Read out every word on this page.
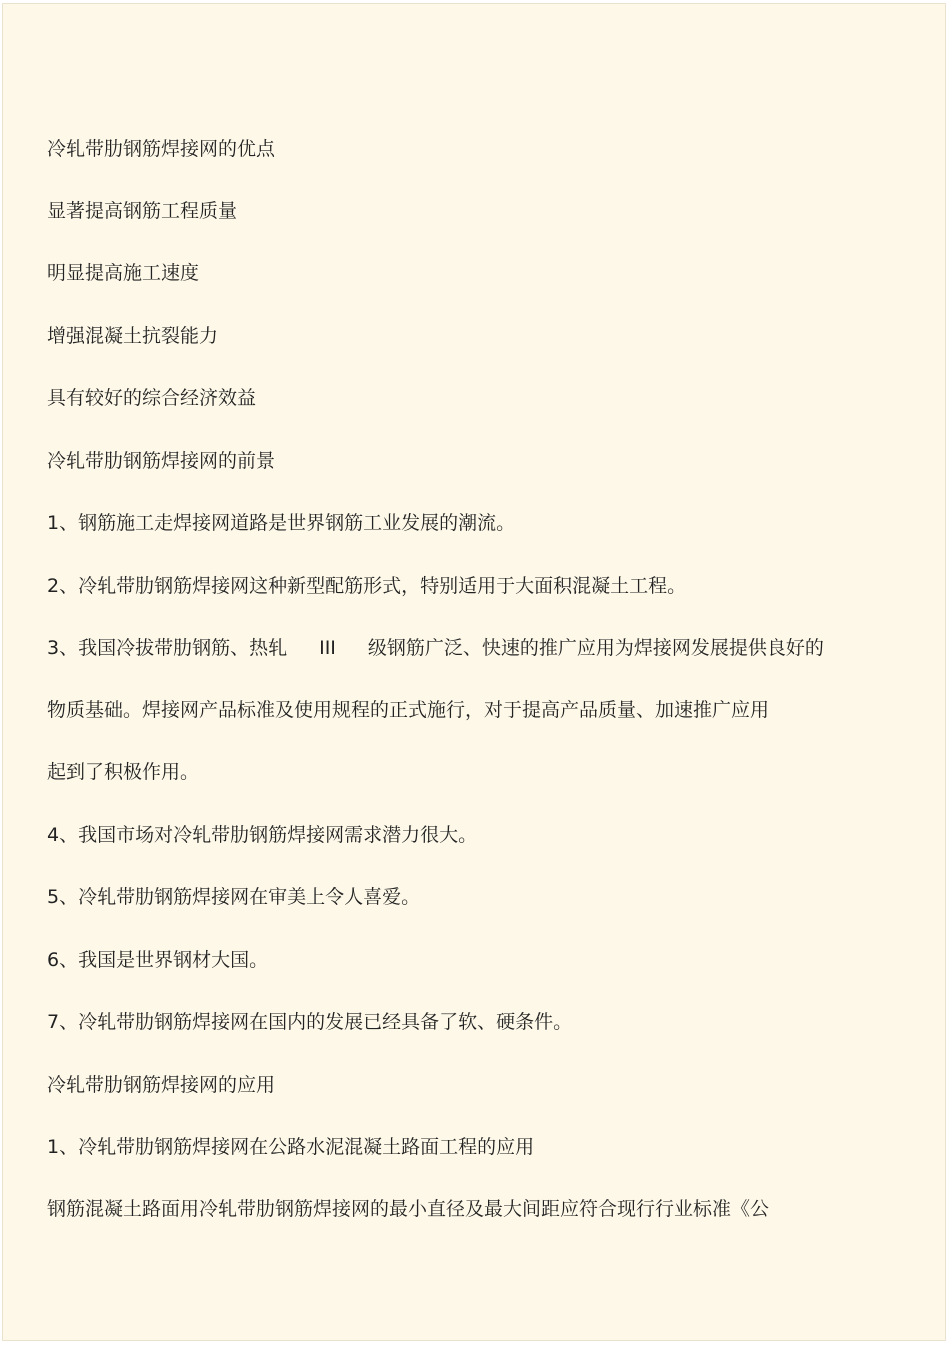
冷轧带肋钢筋焊接网的优点

显著提高钢筋工程质量

明显提高施工速度

增强混凝土抗裂能力

具有较好的综合经济效益

冷轧带肋钢筋焊接网的前景

1、钢筋施工走焊接网道路是世界钢筋工业发展的潮流。

2、冷轧带肋钢筋焊接网这种新型配筋形式，特别适用于大面积混凝土工程。

3、我国冷拔带肋钢筋、热轧 III 级钢筋广泛、快速的推广应用为焊接网发展提供良好的

物质基础。焊接网产品标准及使用规程的正式施行，对于提高产品质量、加速推广应用

起到了积极作用。

4、我国市场对冷轧带肋钢筋焊接网需求潜力很大。

5、冷轧带肋钢筋焊接网在审美上令人喜爱。

6、我国是世界钢材大国。

7、冷轧带肋钢筋焊接网在国内的发展已经具备了软、硬条件。

冷轧带肋钢筋焊接网的应用

1、冷轧带肋钢筋焊接网在公路水泥混凝土路面工程的应用

钢筋混凝土路面用冷轧带肋钢筋焊接网的最小直径及最大间距应符合现行行业标准《公
